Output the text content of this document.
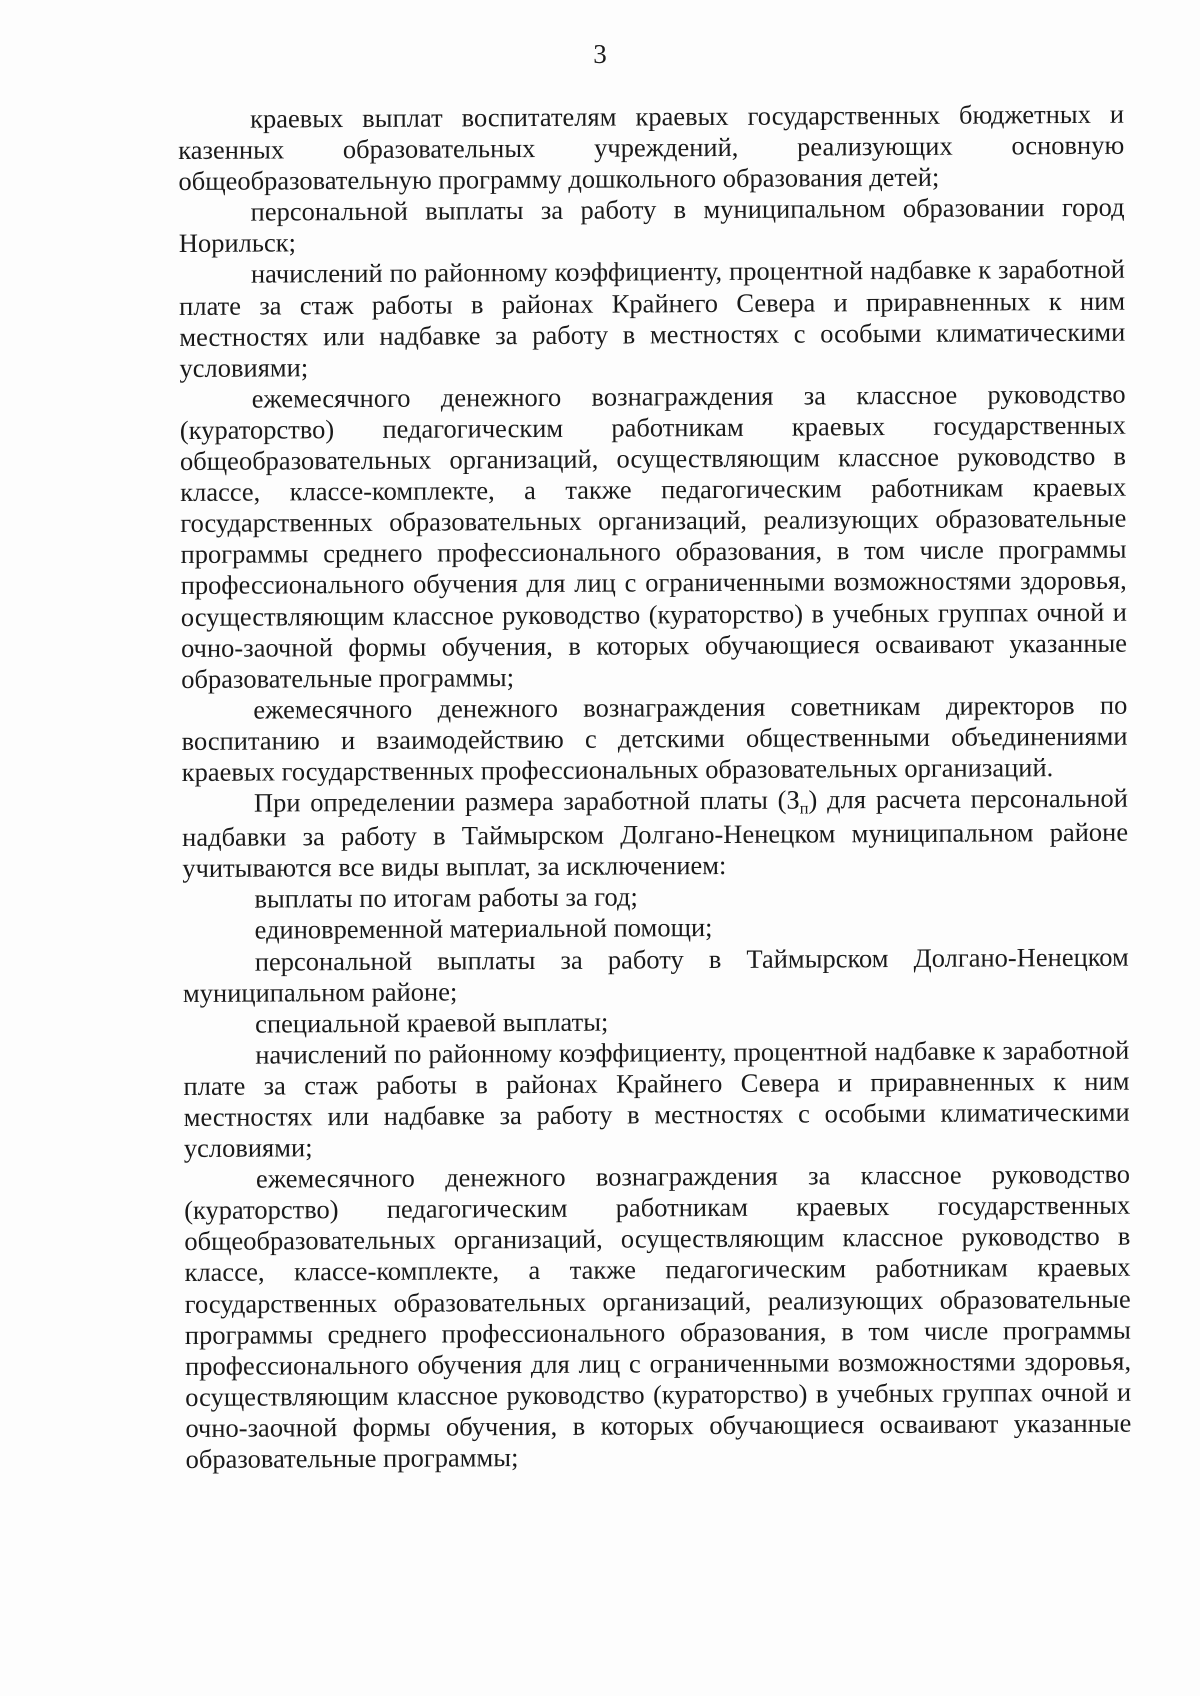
3

краевых выплат воспитателям краевых государственных бюджетных и казенных образовательных учреждений, реализующих основную общеобразовательную программу дошкольного образования детей;

персональной выплаты за работу в муниципальном образовании город Норильск;

начислений по районному коэффициенту, процентной надбавке к заработной плате за стаж работы в районах Крайнего Севера и приравненных к ним местностях или надбавке за работу в местностях с особыми климатическими условиями;

ежемесячного денежного вознаграждения за классное руководство (кураторство) педагогическим работникам краевых государственных общеобразовательных организаций, осуществляющим классное руководство в классе, классе-комплекте, а также педагогическим работникам краевых государственных образовательных организаций, реализующих образовательные программы среднего профессионального образования, в том числе программы профессионального обучения для лиц с ограниченными возможностями здоровья, осуществляющим классное руководство (кураторство) в учебных группах очной и очно-заочной формы обучения, в которых обучающиеся осваивают указанные образовательные программы;

ежемесячного денежного вознаграждения советникам директоров по воспитанию и взаимодействию с детскими общественными объединениями краевых государственных профессиональных образовательных организаций.

При определении размера заработной платы (Зп) для расчета персональной надбавки за работу в Таймырском Долгано-Ненецком муниципальном районе учитываются все виды выплат, за исключением:

выплаты по итогам работы за год;

единовременной материальной помощи;

персональной выплаты за работу в Таймырском Долгано-Ненецком муниципальном районе;

специальной краевой выплаты;

начислений по районному коэффициенту, процентной надбавке к заработной плате за стаж работы в районах Крайнего Севера и приравненных к ним местностях или надбавке за работу в местностях с особыми климатическими условиями;

ежемесячного денежного вознаграждения за классное руководство (кураторство) педагогическим работникам краевых государственных общеобразовательных организаций, осуществляющим классное руководство в классе, классе-комплекте, а также педагогическим работникам краевых государственных образовательных организаций, реализующих образовательные программы среднего профессионального образования, в том числе программы профессионального обучения для лиц с ограниченными возможностями здоровья, осуществляющим классное руководство (кураторство) в учебных группах очной и очно-заочной формы обучения, в которых обучающиеся осваивают указанные образовательные программы;
